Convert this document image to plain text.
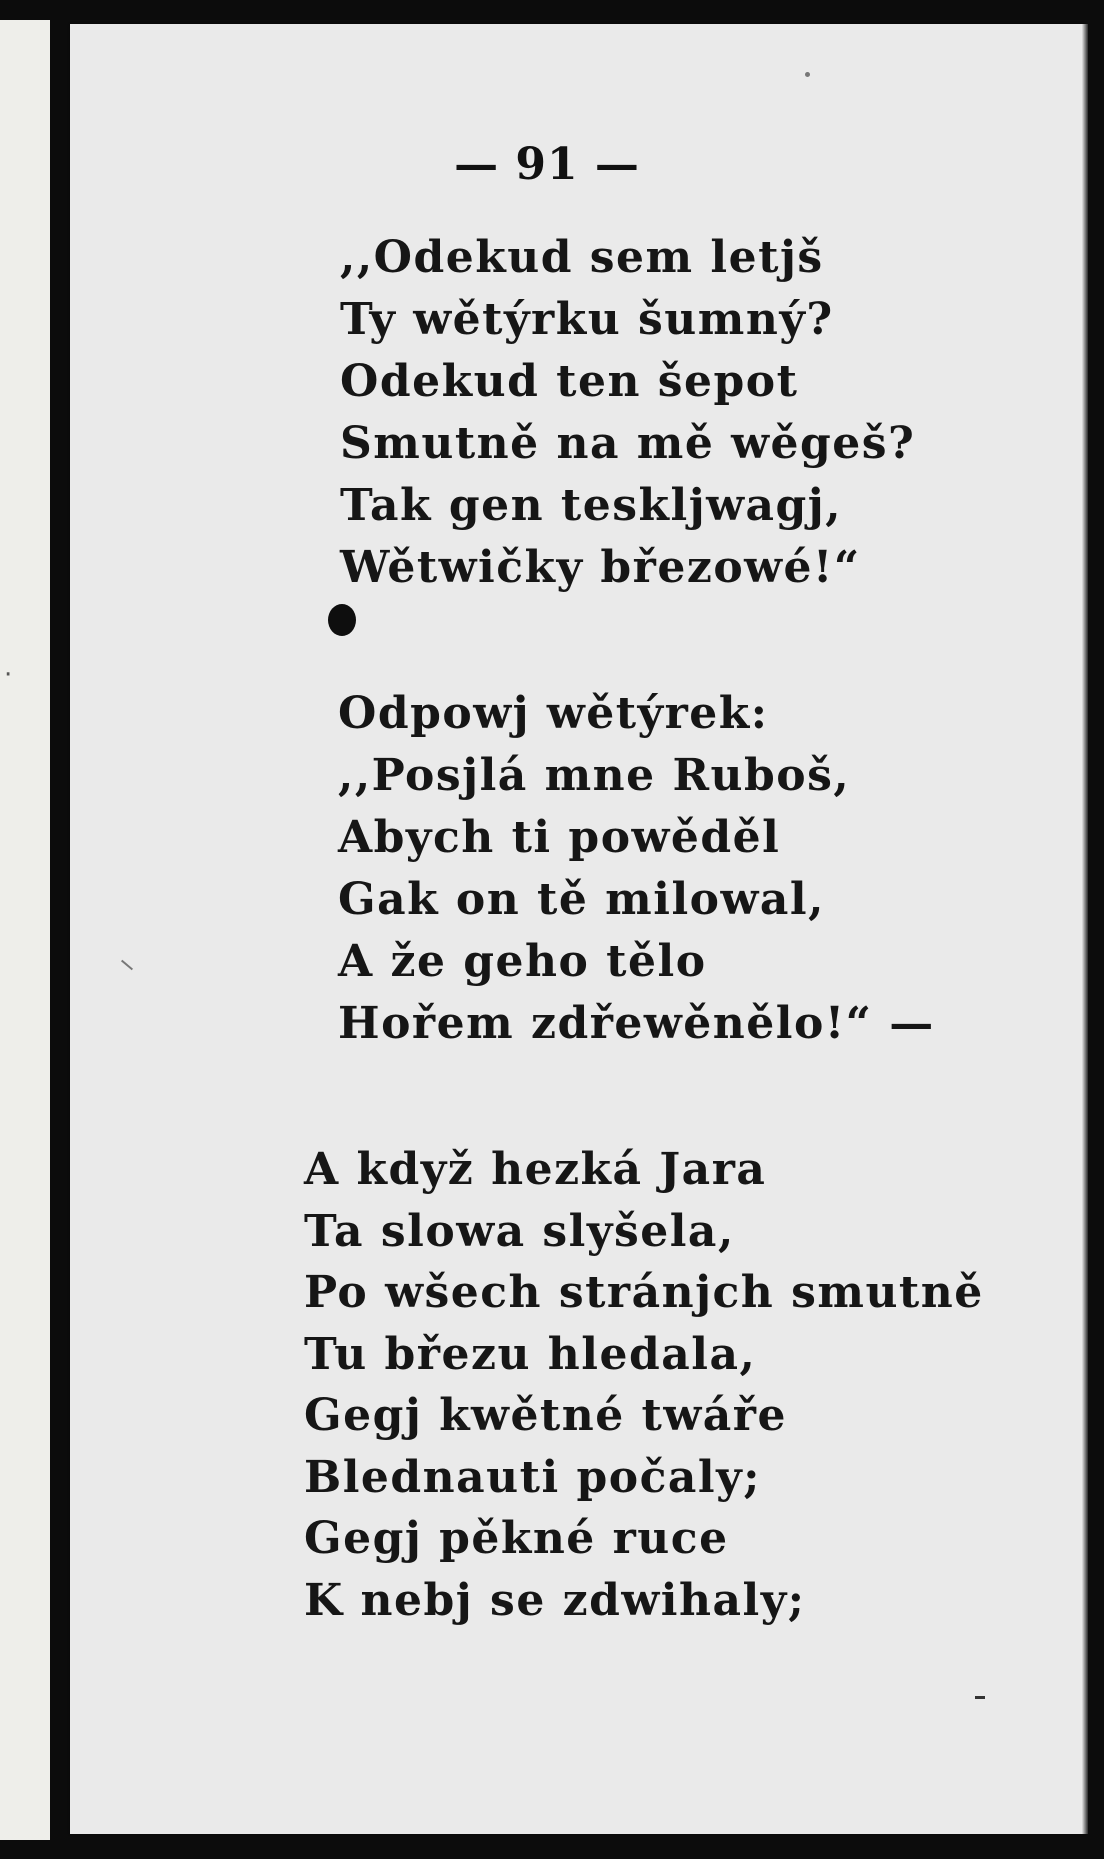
·
— 91 —
,,Odekud sem letjš
Ty wětýrku šumný?
Odekud ten šepot
Smutně na mě wěgeš?
Tak gen tesklјwagj,
Wětwičky březowé!“
Odpowj wětýrek:
,,Posjlá mne Ruboš,
Abych ti powěděl
Gak on tě milowal,
A že geho tělo
Hořem zdřewěnělo!“ —
A když hezká Jara
Ta slowa slyšela,
Po wšech stránjch smutně
Tu březu hledala,
Gegj kwětné twáře
Blednauti počaly;
Gegj pěkné ruce
K nebj se zdwihaly;
